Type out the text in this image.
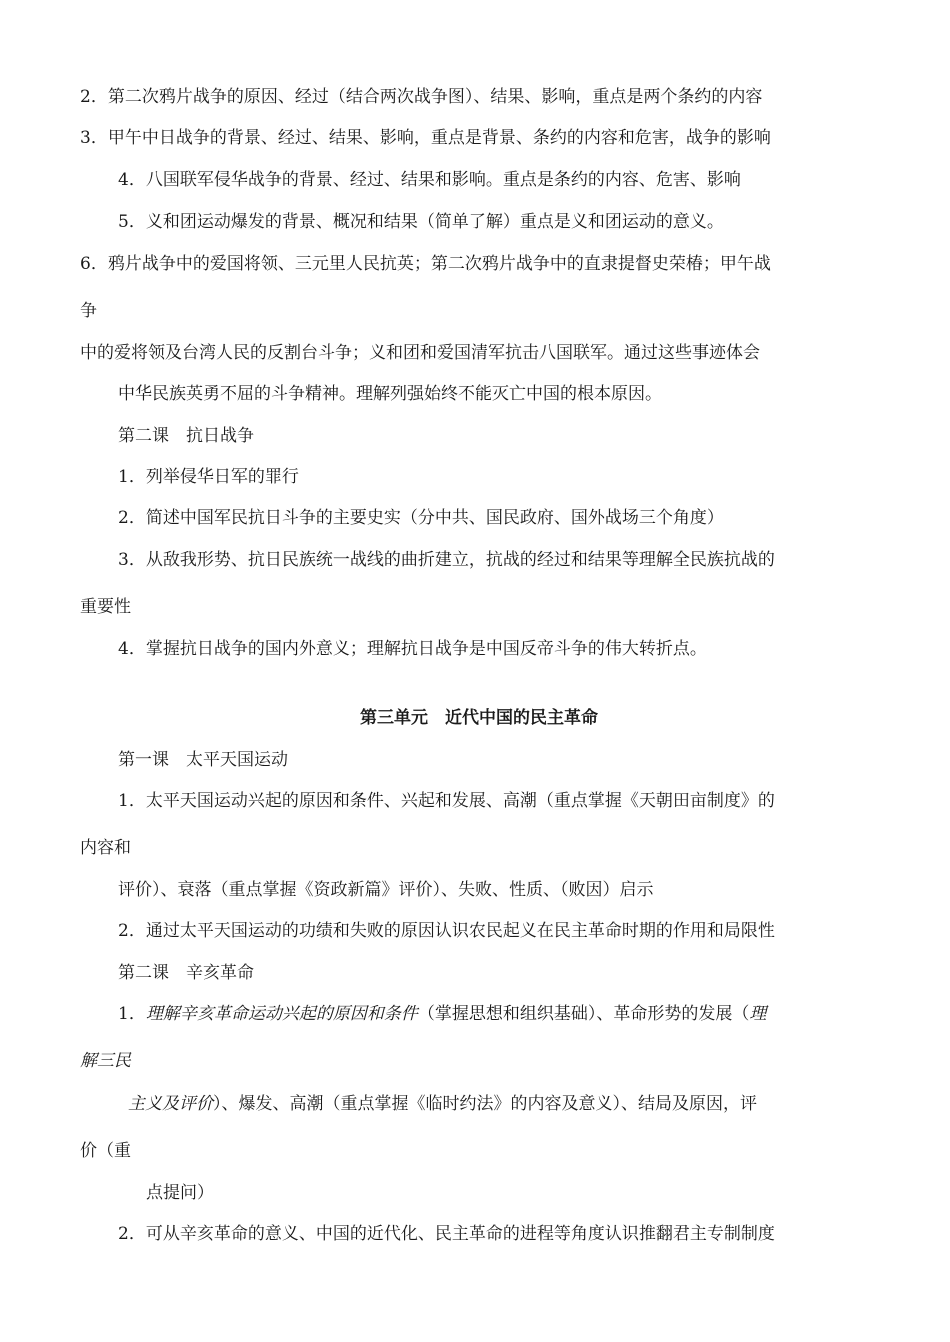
2．第二次鸦片战争的原因、经过（结合两次战争图）、结果、影响，重点是两个条约的内容
3．甲午中日战争的背景、经过、结果、影响，重点是背景、条约的内容和危害，战争的影响
4．八国联军侵华战争的背景、经过、结果和影响。重点是条约的内容、危害、影响
5．义和团运动爆发的背景、概况和结果（简单了解）重点是义和团运动的意义。
6．鸦片战争中的爱国将领、三元里人民抗英；第二次鸦片战争中的直隶提督史荣椿；甲午战
争
中的爱将领及台湾人民的反割台斗争；义和团和爱国清军抗击八国联军。通过这些事迹体会
中华民族英勇不屈的斗争精神。理解列强始终不能灭亡中国的根本原因。
第二课　抗日战争
1．列举侵华日军的罪行
2．简述中国军民抗日斗争的主要史实（分中共、国民政府、国外战场三个角度）
3．从敌我形势、抗日民族统一战线的曲折建立，抗战的经过和结果等理解全民族抗战的
重要性
4．掌握抗日战争的国内外意义；理解抗日战争是中国反帝斗争的伟大转折点。
第三单元　近代中国的民主革命
第一课　太平天国运动
1．太平天国运动兴起的原因和条件、兴起和发展、高潮（重点掌握《天朝田亩制度》的
内容和
评价）、衰落（重点掌握《资政新篇》评价）、失败、性质、（败因）启示
2．通过太平天国运动的功绩和失败的原因认识农民起义在民主革命时期的作用和局限性
第二课　辛亥革命
1．理解辛亥革命运动兴起的原因和条件（掌握思想和组织基础）、革命形势的发展（理
解三民
主义及评价）、爆发、高潮（重点掌握《临时约法》的内容及意义）、结局及原因，评
价（重
点提问）
2．可从辛亥革命的意义、中国的近代化、民主革命的进程等角度认识推翻君主专制制度
